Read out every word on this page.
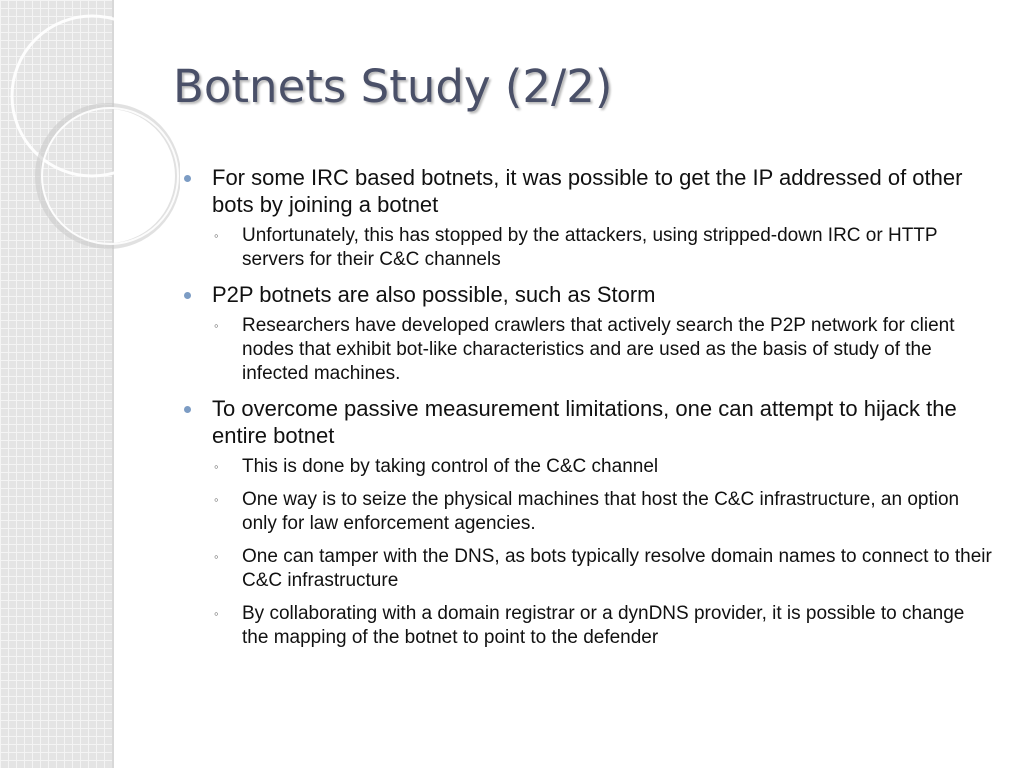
Botnets Study (2/2)
For some IRC based botnets, it was possible to get the IP addressed of other bots by joining a botnet
◦ Unfortunately, this has stopped by the attackers, using stripped-down IRC or HTTP servers for their C&C channels
P2P botnets are also possible, such as Storm
◦ Researchers have developed crawlers that actively search the P2P network for client nodes that exhibit bot-like characteristics and are used as the basis of study of the infected machines.
To overcome passive measurement limitations, one can attempt to hijack the entire botnet
◦ This is done by taking control of the C&C channel
◦ One way is to seize the physical machines that host the C&C infrastructure, an option only for law enforcement agencies.
◦ One can tamper with the DNS, as bots typically resolve domain names to connect to their C&C infrastructure
◦ By collaborating with a domain registrar or a dynDNS provider, it is possible to change the mapping of the botnet to point to the defender
